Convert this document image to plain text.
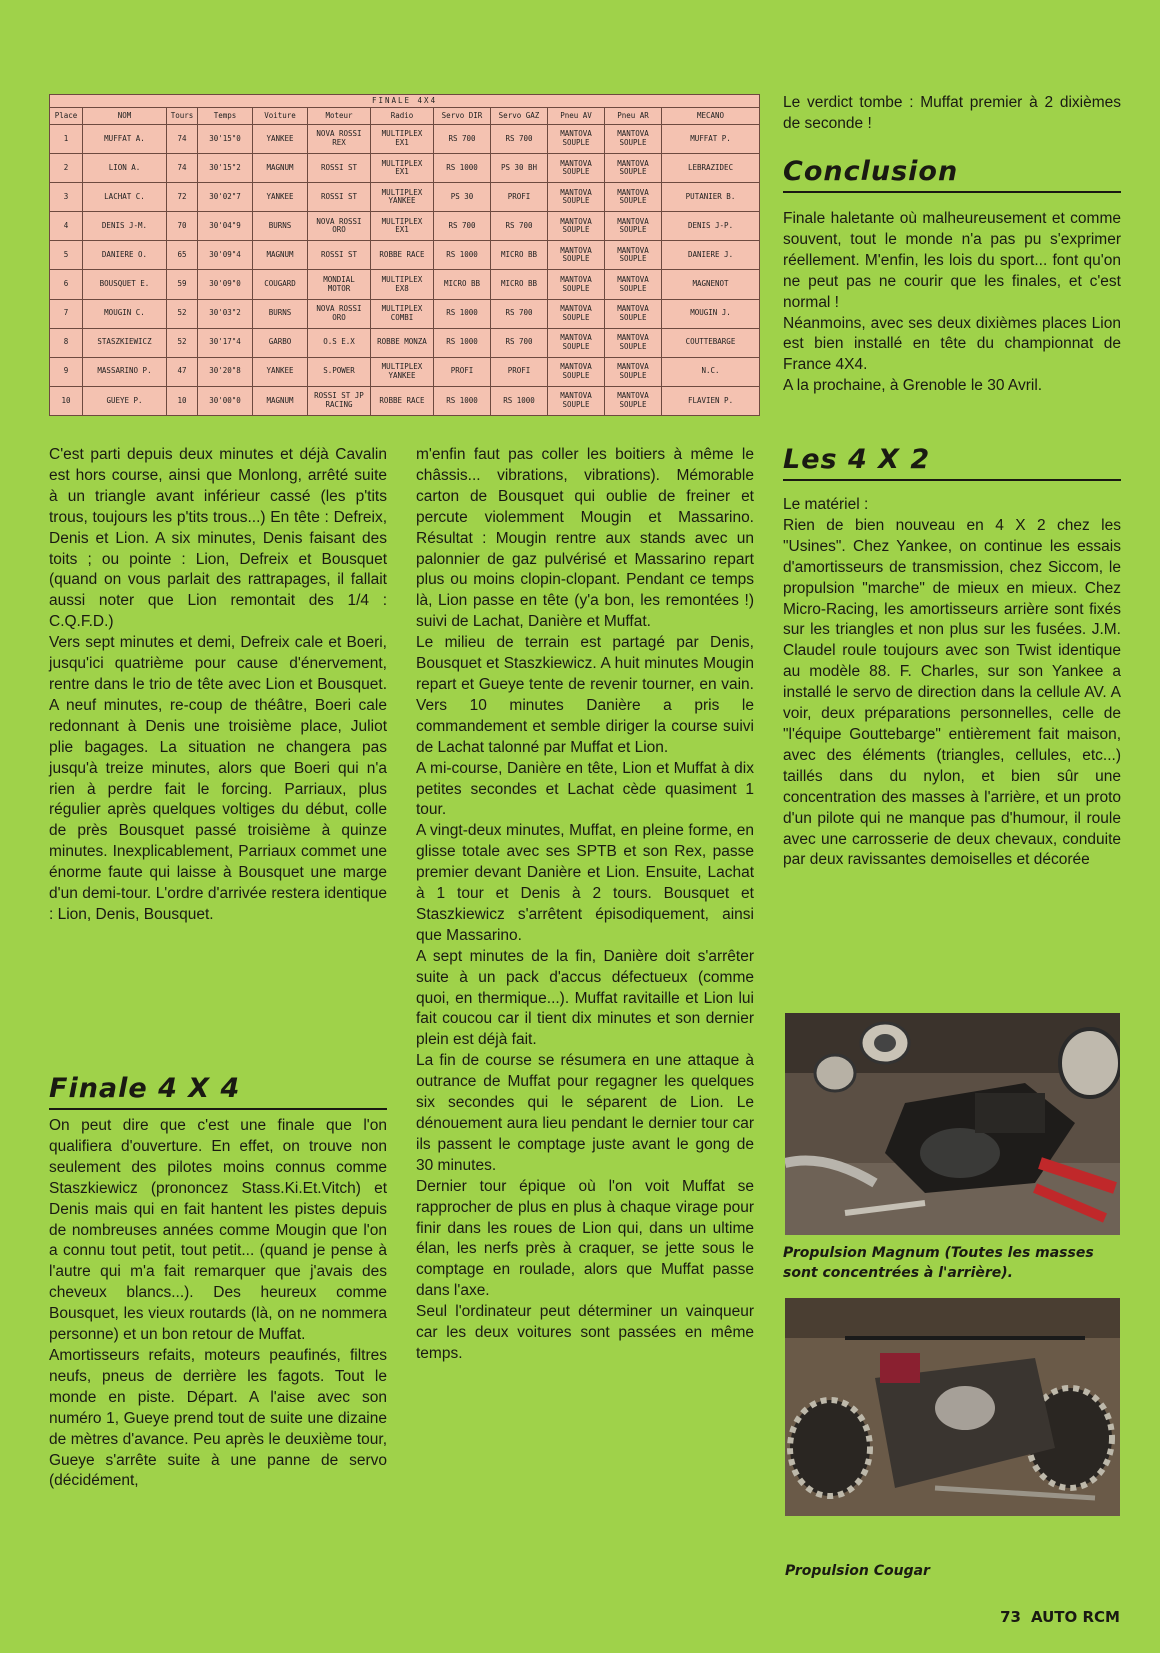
FINALE 4X4											
Place	NOM	Tours	Temps	Voiture	Moteur	Radio	Servo DIR	Servo GAZ	Pneu AV	Pneu AR	MECANO
1	MUFFAT A.	74	30'15"0	YANKEE	NOVA ROSSI REX	MULTIPLEX EX1	RS 700	RS 700	MANTOVA SOUPLE	MANTOVA SOUPLE	MUFFAT P.
2	LION A.	74	30'15"2	MAGNUM	ROSSI ST	MULTIPLEX EX1	RS 1000	PS 30 BH	MANTOVA SOUPLE	MANTOVA SOUPLE	LEBRAZIDEC
3	LACHAT C.	72	30'02"7	YANKEE	ROSSI ST	MULTIPLEX YANKEE	PS 30	PROFI	MANTOVA SOUPLE	MANTOVA SOUPLE	PUTANIER B.
4	DENIS J-M.	70	30'04"9	BURNS	NOVA ROSSI ORO	MULTIPLEX EX1	RS 700	RS 700	MANTOVA SOUPLE	MANTOVA SOUPLE	DENIS J-P.
5	DANIERE O.	65	30'09"4	MAGNUM	ROSSI ST	ROBBE RACE	RS 1000	MICRO BB	MANTOVA SOUPLE	MANTOVA SOUPLE	DANIERE J.
6	BOUSQUET E.	59	30'09"0	COUGARD	MONDIAL MOTOR	MULTIPLEX EX8	MICRO BB	MICRO BB	MANTOVA SOUPLE	MANTOVA SOUPLE	MAGNENOT
7	MOUGIN C.	52	30'03"2	BURNS	NOVA ROSSI ORO	MULTIPLEX COMBI	RS 1000	RS 700	MANTOVA SOUPLE	MANTOVA SOUPLE	MOUGIN J.
8	STASZKIEWICZ	52	30'17"4	GARBO	O.S E.X	ROBBE MONZA	RS 1000	RS 700	MANTOVA SOUPLE	MANTOVA SOUPLE	COUTTEBARGE
9	MASSARINO P.	47	30'20"8	YANKEE	S.POWER	MULTIPLEX YANKEE	PROFI	PROFI	MANTOVA SOUPLE	MANTOVA SOUPLE	N.C.
10	GUEYE P.	10	30'00"0	MAGNUM	ROSSI ST JP RACING	ROBBE RACE	RS 1000	RS 1000	MANTOVA SOUPLE	MANTOVA SOUPLE	FLAVIEN P.

C'est parti depuis deux minutes et déjà Cavalin est hors course, ainsi que Monlong, arrêté suite à un triangle avant inférieur cassé (les p'tits trous, toujours les p'tits trous...) En tête : Defreix, Denis et Lion. A six minutes, Denis faisant des toits ; ou pointe : Lion, Defreix et Bousquet (quand on vous parlait des rattrapages, il fallait aussi noter que Lion remontait des 1/4 : C.Q.F.D.)

Vers sept minutes et demi, Defreix cale et Boeri, jusqu'ici quatrième pour cause d'énervement, rentre dans le trio de tête avec Lion et Bousquet. A neuf minutes, re-coup de théâtre, Boeri cale redonnant à Denis une troisième place, Juliot plie bagages. La situation ne changera pas jusqu'à treize minutes, alors que Boeri qui n'a rien à perdre fait le forcing. Parriaux, plus régulier après quelques voltiges du début, colle de près Bousquet passé troisième à quinze minutes. Inexplicablement, Parriaux commet une énorme faute qui laisse à Bousquet une marge d'un demi-tour. L'ordre d'arrivée restera identique : Lion, Denis, Bousquet.

Finale 4 X 4

On peut dire que c'est une finale que l'on qualifiera d'ouverture. En effet, on trouve non seulement des pilotes moins connus comme Staszkiewicz (prononcez Stass.Ki.Et.Vitch) et Denis mais qui en fait hantent les pistes depuis de nombreuses années comme Mougin que l'on a connu tout petit, tout petit... (quand je pense à l'autre qui m'a fait remarquer que j'avais des cheveux blancs...). Des heureux comme Bousquet, les vieux routards (là, on ne nommera personne) et un bon retour de Muffat.

Amortisseurs refaits, moteurs peaufinés, filtres neufs, pneus de derrière les fagots. Tout le monde en piste. Départ. A l'aise avec son numéro 1, Gueye prend tout de suite une dizaine de mètres d'avance. Peu après le deuxième tour, Gueye s'arrête suite à une panne de servo (décidément,

m'enfin faut pas coller les boitiers à même le châssis... vibrations, vibrations). Mémorable carton de Bousquet qui oublie de freiner et percute violemment Mougin et Massarino. Résultat : Mougin rentre aux stands avec un palonnier de gaz pulvérisé et Massarino repart plus ou moins clopin-clopant. Pendant ce temps là, Lion passe en tête (y'a bon, les remontées !) suivi de Lachat, Danière et Muffat.

Le milieu de terrain est partagé par Denis, Bousquet et Staszkiewicz. A huit minutes Mougin repart et Gueye tente de revenir tourner, en vain. Vers 10 minutes Danière a pris le commandement et semble diriger la course suivi de Lachat talonné par Muffat et Lion.

A mi-course, Danière en tête, Lion et Muffat à dix petites secondes et Lachat cède quasiment 1 tour.

A vingt-deux minutes, Muffat, en pleine forme, en glisse totale avec ses SPTB et son Rex, passe premier devant Danière et Lion. Ensuite, Lachat à 1 tour et Denis à 2 tours. Bousquet et Staszkiewicz s'arrêtent épisodiquement, ainsi que Massarino.

A sept minutes de la fin, Danière doit s'arrêter suite à un pack d'accus défectueux (comme quoi, en thermique...). Muffat ravitaille et Lion lui fait coucou car il tient dix minutes et son dernier plein est déjà fait.

La fin de course se résumera en une attaque à outrance de Muffat pour regagner les quelques six secondes qui le séparent de Lion. Le dénouement aura lieu pendant le dernier tour car ils passent le comptage juste avant le gong de 30 minutes.

Dernier tour épique où l'on voit Muffat se rapprocher de plus en plus à chaque virage pour finir dans les roues de Lion qui, dans un ultime élan, les nerfs près à craquer, se jette sous le comptage en roulade, alors que Muffat passe dans l'axe.

Seul l'ordinateur peut déterminer un vainqueur car les deux voitures sont passées en même temps.

Le verdict tombe : Muffat premier à 2 dixièmes de seconde !

Conclusion

Finale haletante où malheureusement et comme souvent, tout le monde n'a pas pu s'exprimer réellement. M'enfin, les lois du sport... font qu'on ne peut pas ne courir que les finales, et c'est normal !

Néanmoins, avec ses deux dixièmes places Lion est bien installé en tête du championnat de France 4X4.

A la prochaine, à Grenoble le 30 Avril.

Les 4 X 2

Le matériel :

Rien de bien nouveau en 4 X 2 chez les "Usines". Chez Yankee, on continue les essais d'amortisseurs de transmission, chez Siccom, le propulsion "marche" de mieux en mieux. Chez Micro-Racing, les amortisseurs arrière sont fixés sur les triangles et non plus sur les fusées. J.M. Claudel roule toujours avec son Twist identique au modèle 88. F. Charles, sur son Yankee a installé le servo de direction dans la cellule AV. A voir, deux préparations personnelles, celle de "l'équipe Gouttebarge" entièrement fait maison, avec des éléments (triangles, cellules, etc...) taillés dans du nylon, et bien sûr une concentration des masses à l'arrière, et un proto d'un pilote qui ne manque pas d'humour, il roule avec une carrosserie de deux chevaux, conduite par deux ravissantes demoiselles et décorée

Propulsion Magnum (Toutes les masses sont concentrées à l'arrière).
Propulsion Cougar
73 AUTO RCM
